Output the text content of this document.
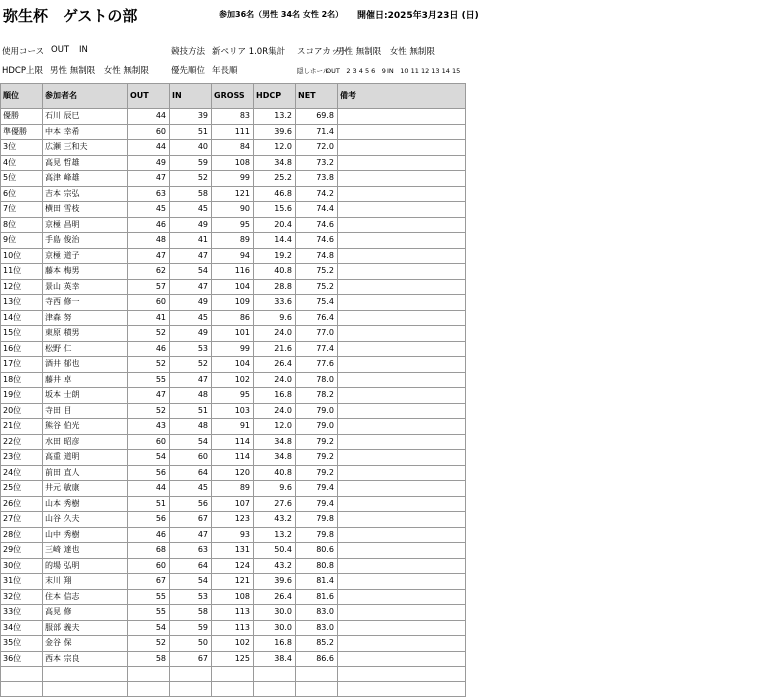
弥生杯　ゲストの部	参加36名（男性 34名 女性 2名） 開催日:2025年3月23日 (日)
使用コース OUT IN	競技方法 新ペリア 1.0R集計 スコアカット
男性 無制限　女性 無制限
HDCP上限 男性 無制限　女性 無制限	優先順位 年長順	隠しホール
OUT　2 3 4 5 6　9 IN　10 11 12 13 14 15
順位	参加者名	OUT	IN	GROSS	HDCP	NET	備考
優勝	石川 辰巳	44	39	83	13.2	69.8	
準優勝	中本 幸希	60	51	111	39.6	71.4	
3位	広瀬 三和夫	44	40	84	12.0	72.0	
4位	高見 哲雄	49	59	108	34.8	73.2	
5位	高津 峰雄	47	52	99	25.2	73.8	
6位	吉本 宗弘	63	58	121	46.8	74.2	
7位	横田 雪枝	45	45	90	15.6	74.4	
8位	京極 昌明	46	49	95	20.4	74.6	
9位	手島 俊治	48	41	89	14.4	74.6	
10位	京極 道子	47	47	94	19.2	74.8	
11位	藤本 梅男	62	54	116	40.8	75.2	
12位	景山 英幸	57	47	104	28.8	75.2	
13位	寺西 修一	60	49	109	33.6	75.4	
14位	津森 努	41	45	86	9.6	76.4	
15位	東原 積男	52	49	101	24.0	77.0	
16位	松野 仁	46	53	99	21.6	77.4	
17位	酒井 郁也	52	52	104	26.4	77.6	
18位	藤井 卓	55	47	102	24.0	78.0	
19位	坂本 士朗	47	48	95	16.8	78.2	
20位	寺田 目	52	51	103	24.0	79.0	
21位	熊谷 伯光	43	48	91	12.0	79.0	
22位	水田 昭彦	60	54	114	34.8	79.2	
23位	高重 道明	54	60	114	34.8	79.2	
24位	前田 直人	56	64	120	40.8	79.2	
25位	井元 敏康	44	45	89	9.6	79.4	
26位	山本 秀樹	51	56	107	27.6	79.4	
27位	山谷 久夫	56	67	123	43.2	79.8	
28位	山中 秀樹	46	47	93	13.2	79.8	
29位	三崎 達也	68	63	131	50.4	80.6	
30位	的場 弘明	60	64	124	43.2	80.8	
31位	末川 翔	67	54	121	39.6	81.4	
32位	住本 信志	55	53	108	26.4	81.6	
33位	高見 修	55	58	113	30.0	83.0	
34位	服部 義夫	54	59	113	30.0	83.0	
35位	金谷 保	52	50	102	16.8	85.2	
36位	西本 宗良	58	67	125	38.4	86.6	
